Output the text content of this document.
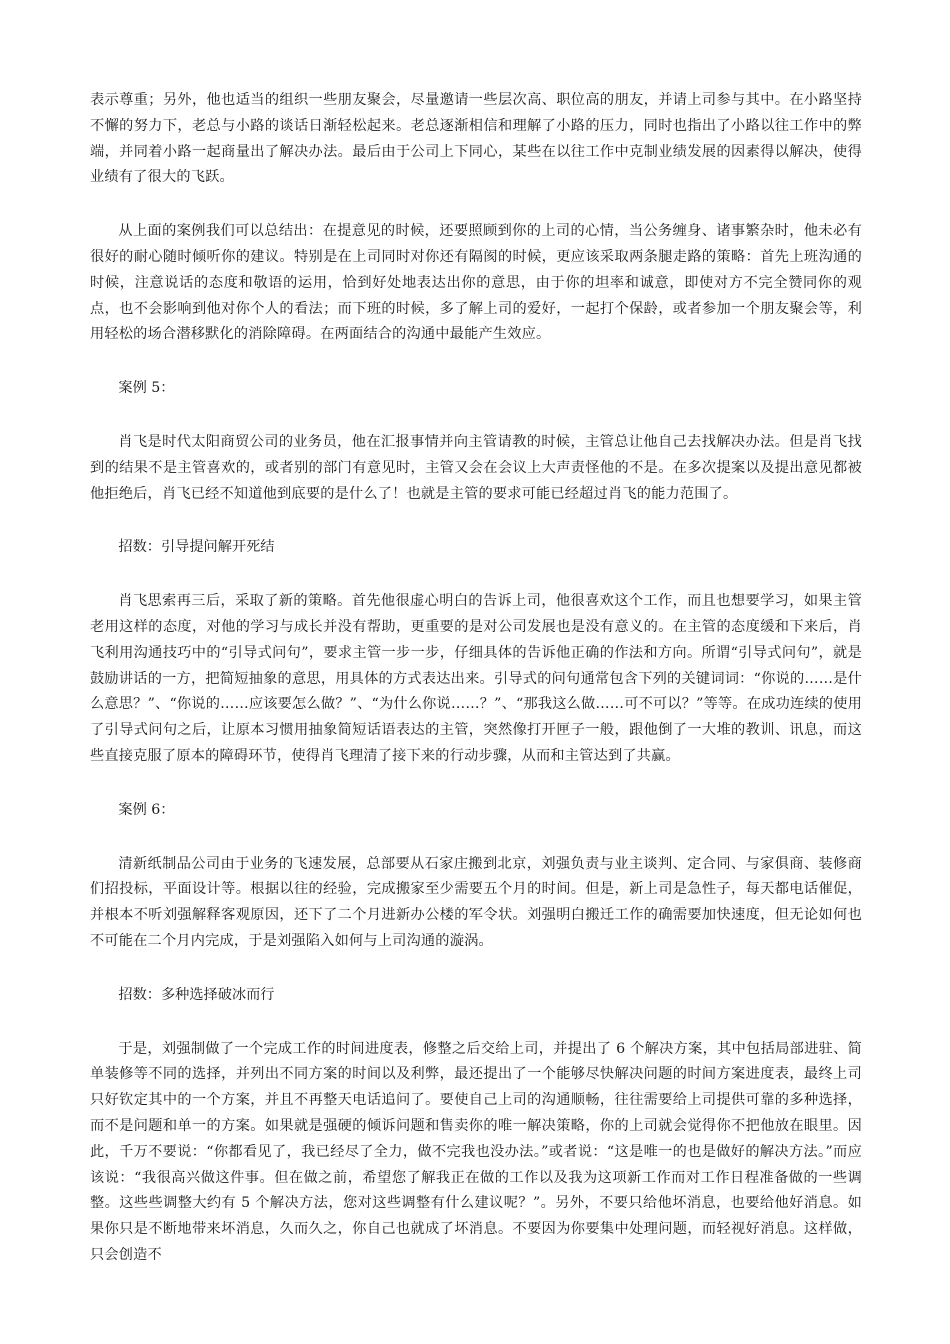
表示尊重；另外，他也适当的组织一些朋友聚会，尽量邀请一些层次高、职位高的朋友，并请上司参与其中。在小路坚持不懈的努力下，老总与小路的谈话日渐轻松起来。老总逐渐相信和理解了小路的压力，同时也指出了小路以往工作中的弊端，并同着小路一起商量出了解决办法。最后由于公司上下同心，某些在以往工作中克制业绩发展的因素得以解决，使得业绩有了很大的飞跃。

从上面的案例我们可以总结出：在提意见的时候，还要照顾到你的上司的心情，当公务缠身、诸事繁杂时，他未必有很好的耐心随时倾听你的建议。特别是在上司同时对你还有隔阂的时候，更应该采取两条腿走路的策略：首先上班沟通的时候，注意说话的态度和敬语的运用，恰到好处地表达出你的意思，由于你的坦率和诚意，即使对方不完全赞同你的观点，也不会影响到他对你个人的看法；而下班的时候，多了解上司的爱好，一起打个保龄，或者参加一个朋友聚会等，利用轻松的场合潜移默化的消除障碍。在两面结合的沟通中最能产生效应。

案例 5：

肖飞是时代太阳商贸公司的业务员，他在汇报事情并向主管请教的时候，主管总让他自己去找解决办法。但是肖飞找到的结果不是主管喜欢的，或者别的部门有意见时，主管又会在会议上大声责怪他的不是。在多次提案以及提出意见都被他拒绝后，肖飞已经不知道他到底要的是什么了！也就是主管的要求可能已经超过肖飞的能力范围了。

招数：引导提问解开死结

肖飞思索再三后，采取了新的策略。首先他很虚心明白的告诉上司，他很喜欢这个工作，而且也想要学习，如果主管老用这样的态度，对他的学习与成长并没有帮助，更重要的是对公司发展也是没有意义的。在主管的态度缓和下来后，肖飞利用沟通技巧中的“引导式问句”，要求主管一步一步，仔细具体的告诉他正确的作法和方向。所谓“引导式问句”，就是鼓励讲话的一方，把简短抽象的意思，用具体的方式表达出来。引导式的问句通常包含下列的关键词词：“你说的……是什么意思？”、“你说的……应该要怎么做？”、“为什么你说……？”、“那我这么做……可不可以？”等等。在成功连续的使用了引导式问句之后，让原本习惯用抽象简短话语表达的主管，突然像打开匣子一般，跟他倒了一大堆的教训、讯息，而这些直接克服了原本的障碍环节，使得肖飞理清了接下来的行动步骤，从而和主管达到了共赢。

案例 6：

清新纸制品公司由于业务的飞速发展，总部要从石家庄搬到北京，刘强负责与业主谈判、定合同、与家俱商、装修商们招投标，平面设计等。根据以往的经验，完成搬家至少需要五个月的时间。但是，新上司是急性子，每天都电话催促，并根本不听刘强解释客观原因，还下了二个月进新办公楼的军令状。刘强明白搬迁工作的确需要加快速度，但无论如何也不可能在二个月内完成，于是刘强陷入如何与上司沟通的漩涡。

招数：多种选择破冰而行

于是，刘强制做了一个完成工作的时间进度表，修整之后交给上司，并提出了 6 个解决方案，其中包括局部进驻、简单装修等不同的选择，并列出不同方案的时间以及利弊，最还提出了一个能够尽快解决问题的时间方案进度表，最终上司只好钦定其中的一个方案，并且不再整天电话追问了。要使自己上司的沟通顺畅，往往需要给上司提供可靠的多种选择，而不是问题和单一的方案。如果就是强硬的倾诉问题和售卖你的唯一解决策略，你的上司就会觉得你不把他放在眼里。因此，千万不要说：“你都看见了，我已经尽了全力，做不完我也没办法。”或者说：“这是唯一的也是做好的解决方法。”而应该说：“我很高兴做这件事。但在做之前，希望您了解我正在做的工作以及我为这项新工作而对工作日程准备做的一些调整。这些些调整大约有 5 个解决方法，您对这些调整有什么建议呢？”。另外，不要只给他坏消息，也要给他好消息。如果你只是不断地带来坏消息，久而久之，你自己也就成了坏消息。不要因为你要集中处理问题，而轻视好消息。这样做，只会创造不
